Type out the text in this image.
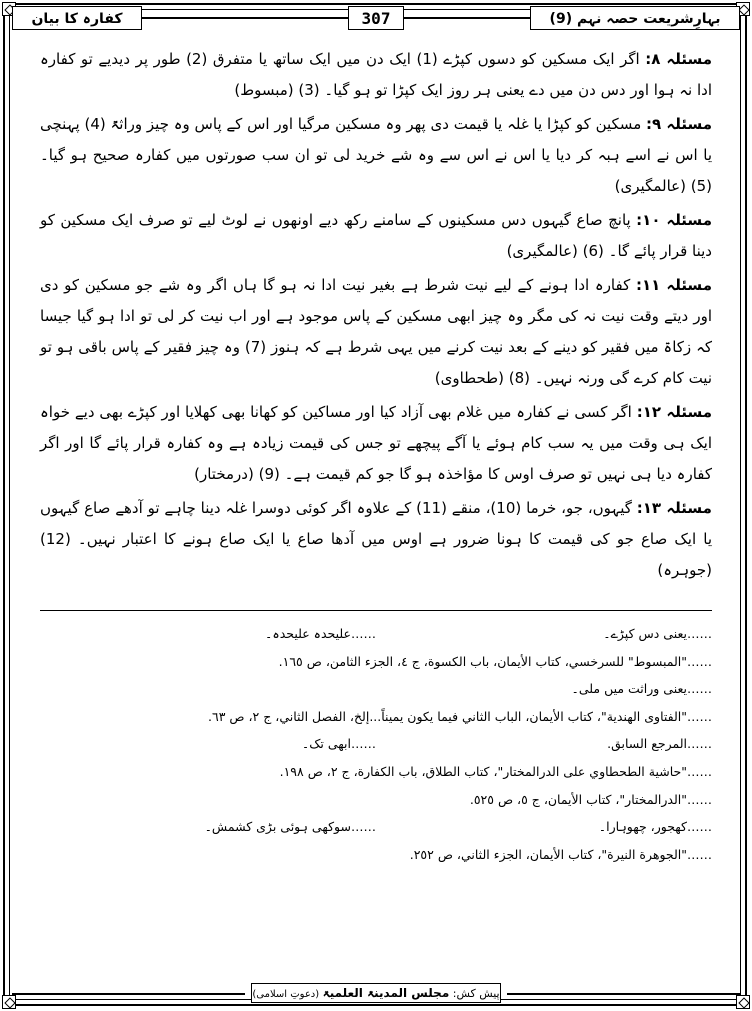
بہارِشریعت حصہ نہم (9)
307
کفارہ کا بیان

مسئلہ ۸: اگر ایک مسکین کو دسوں کپڑے (1) ایک دن میں ایک ساتھ یا متفرق (2) طور پر دیدیے تو کفارہ ادا نہ ہوا اور دس دن میں دے یعنی ہر روز ایک کپڑا تو ہو گیا۔ (3) (مبسوط)

مسئلہ ۹: مسکین کو کپڑا یا غلہ یا قیمت دی پھر وہ مسکین مرگیا اور اس کے پاس وہ چیز وراثۃً (4) پہنچی یا اس نے اسے ہبہ کر دیا یا اس نے اس سے وہ شے خرید لی تو ان سب صورتوں میں کفارہ صحیح ہو گیا۔ (5) (عالمگیری)

مسئلہ ۱۰: پانچ صاع گیہوں دس مسکینوں کے سامنے رکھ دیے اونھوں نے لوٹ لیے تو صرف ایک مسکین کو دینا قرار پائے گا۔ (6) (عالمگیری)

مسئلہ ۱۱: کفارہ ادا ہونے کے لیے نیت شرط ہے بغیر نیت ادا نہ ہو گا ہاں اگر وہ شے جو مسکین کو دی اور دیتے وقت نیت نہ کی مگر وہ چیز ابھی مسکین کے پاس موجود ہے اور اب نیت کر لی تو ادا ہو گیا جیسا کہ زکاۃ میں فقیر کو دینے کے بعد نیت کرنے میں یہی شرط ہے کہ ہنوز (7) وہ چیز فقیر کے پاس باقی ہو تو نیت کام کرے گی ورنہ نہیں۔ (8) (طحطاوی)

مسئلہ ۱۲: اگر کسی نے کفارہ میں غلام بھی آزاد کیا اور مساکین کو کھانا بھی کھلایا اور کپڑے بھی دیے خواہ ایک ہی وقت میں یہ سب کام ہوئے یا آگے پیچھے تو جس کی قیمت زیادہ ہے وہ کفارہ قرار پائے گا اور اگر کفارہ دیا ہی نہیں تو صرف اوس کا مؤاخذہ ہو گا جو کم قیمت ہے۔ (9) (درمختار)

مسئلہ ۱۳: گیہوں، جو، خرما (10)، منقے (11) کے علاوہ اگر کوئی دوسرا غلہ دینا چاہے تو آدھے صاع گیہوں یا ایک صاع جو کی قیمت کا ہونا ضرور ہے اوس میں آدھا صاع یا ایک صاع ہونے کا اعتبار نہیں۔ (12) (جوہرہ)

……یعنی دس کپڑے۔
……علیحدہ علیحدہ۔
……"المبسوط" للسرخسي، كتاب الأيمان، باب الكسوة، ج ٤، الجزء الثامن، ص ١٦٥.
……یعنی وراثت میں ملی۔
……"الفتاوى الهندية"، كتاب الأيمان، الباب الثاني فيما يكون يميناً...إلخ، الفصل الثاني، ج ٢، ص ٦٣.
……المرجع السابق.
……ابھی تک۔
……"حاشية الطحطاوي على الدرالمختار"، كتاب الطلاق، باب الكفارة، ج ٢، ص ١٩٨.
……"الدرالمختار"، كتاب الأيمان، ج ٥، ص ٥٢٥.
……کھجور، چھوہارا۔
……سوکھی ہوئی بڑی کشمش۔
……"الجوهرة النيرة"، كتاب الأيمان، الجزء الثاني، ص ٢٥٢.
پیش کش: مجلس المدینۃ العلمیۃ (دعوتِ اسلامی)
